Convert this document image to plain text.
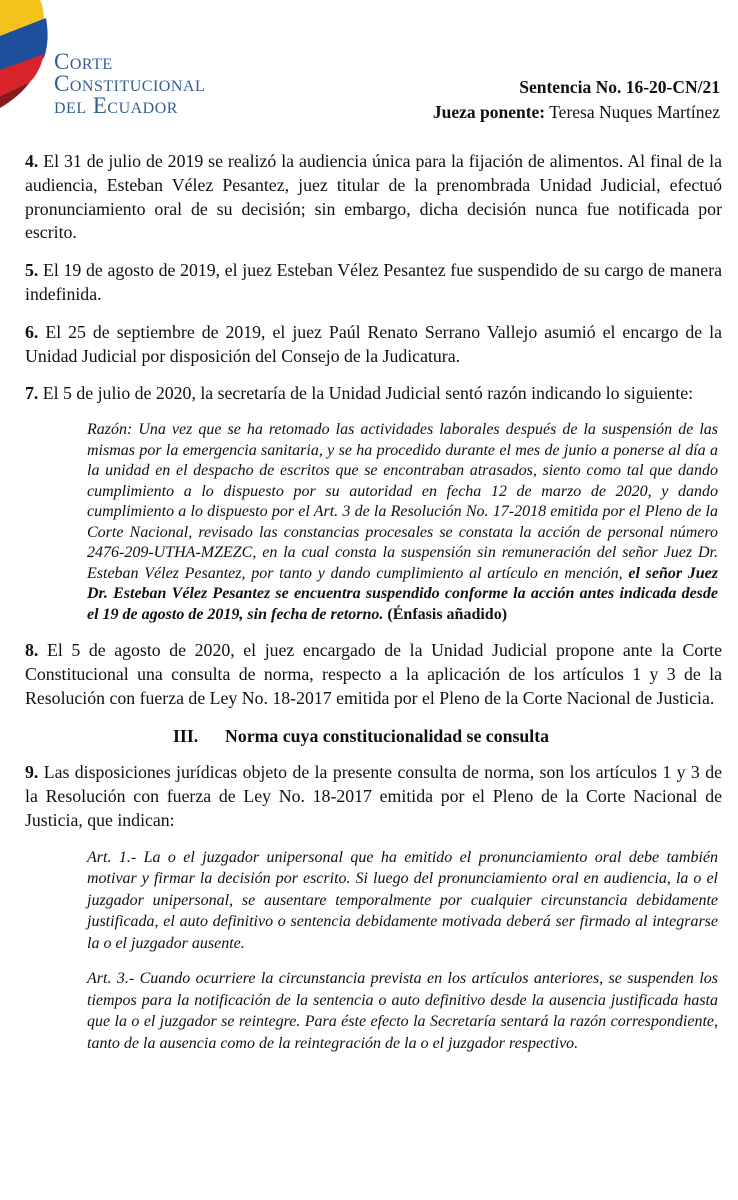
Corte
Constitucional
del Ecuador
Sentencia No. 16-20-CN/21
Jueza ponente: Teresa Nuques Martínez

4. El 31 de julio de 2019 se realizó la audiencia única para la fijación de alimentos. Al final de la audiencia, Esteban Vélez Pesantez, juez titular de la prenombrada Unidad Judicial, efectuó pronunciamiento oral de su decisión; sin embargo, dicha decisión nunca fue notificada por escrito.

5. El 19 de agosto de 2019, el juez Esteban Vélez Pesantez fue suspendido de su cargo de manera indefinida.

6. El 25 de septiembre de 2019, el juez Paúl Renato Serrano Vallejo asumió el encargo de la Unidad Judicial por disposición del Consejo de la Judicatura.

7. El 5 de julio de 2020, la secretaría de la Unidad Judicial sentó razón indicando lo siguiente:

Razón: Una vez que se ha retomado las actividades laborales después de la suspensión de las mismas por la emergencia sanitaria, y se ha procedido durante el mes de junio a ponerse al día a la unidad en el despacho de escritos que se encontraban atrasados, siento como tal que dando cumplimiento a lo dispuesto por su autoridad en fecha 12 de marzo de 2020, y dando cumplimiento a lo dispuesto por el Art. 3 de la Resolución No. 17-2018 emitida por el Pleno de la Corte Nacional, revisado las constancias procesales se constata la acción de personal número 2476-209-UTHA-MZEZC, en la cual consta la suspensión sin remuneración del señor Juez Dr. Esteban Vélez Pesantez, por tanto y dando cumplimiento al artículo en mención, el señor Juez Dr. Esteban Vélez Pesantez se encuentra suspendido conforme la acción antes indicada desde el 19 de agosto de 2019, sin fecha de retorno. (Énfasis añadido)

8. El 5 de agosto de 2020, el juez encargado de la Unidad Judicial propone ante la Corte Constitucional una consulta de norma, respecto a la aplicación de los artículos 1 y 3 de la Resolución con fuerza de Ley No. 18-2017 emitida por el Pleno de la Corte Nacional de Justicia.

III. Norma cuya constitucionalidad se consulta

9. Las disposiciones jurídicas objeto de la presente consulta de norma, son los artículos 1 y 3 de la Resolución con fuerza de Ley No. 18-2017 emitida por el Pleno de la Corte Nacional de Justicia, que indican:

Art. 1.- La o el juzgador unipersonal que ha emitido el pronunciamiento oral debe también motivar y firmar la decisión por escrito. Si luego del pronunciamiento oral en audiencia, la o el juzgador unipersonal, se ausentare temporalmente por cualquier circunstancia debidamente justificada, el auto definitivo o sentencia debidamente motivada deberá ser firmado al integrarse la o el juzgador ausente.

Art. 3.- Cuando ocurriere la circunstancia prevista en los artículos anteriores, se suspenden los tiempos para la notificación de la sentencia o auto definitivo desde la ausencia justificada hasta que la o el juzgador se reintegre. Para éste efecto la Secretaría sentará la razón correspondiente, tanto de la ausencia como de la reintegración de la o el juzgador respectivo.
